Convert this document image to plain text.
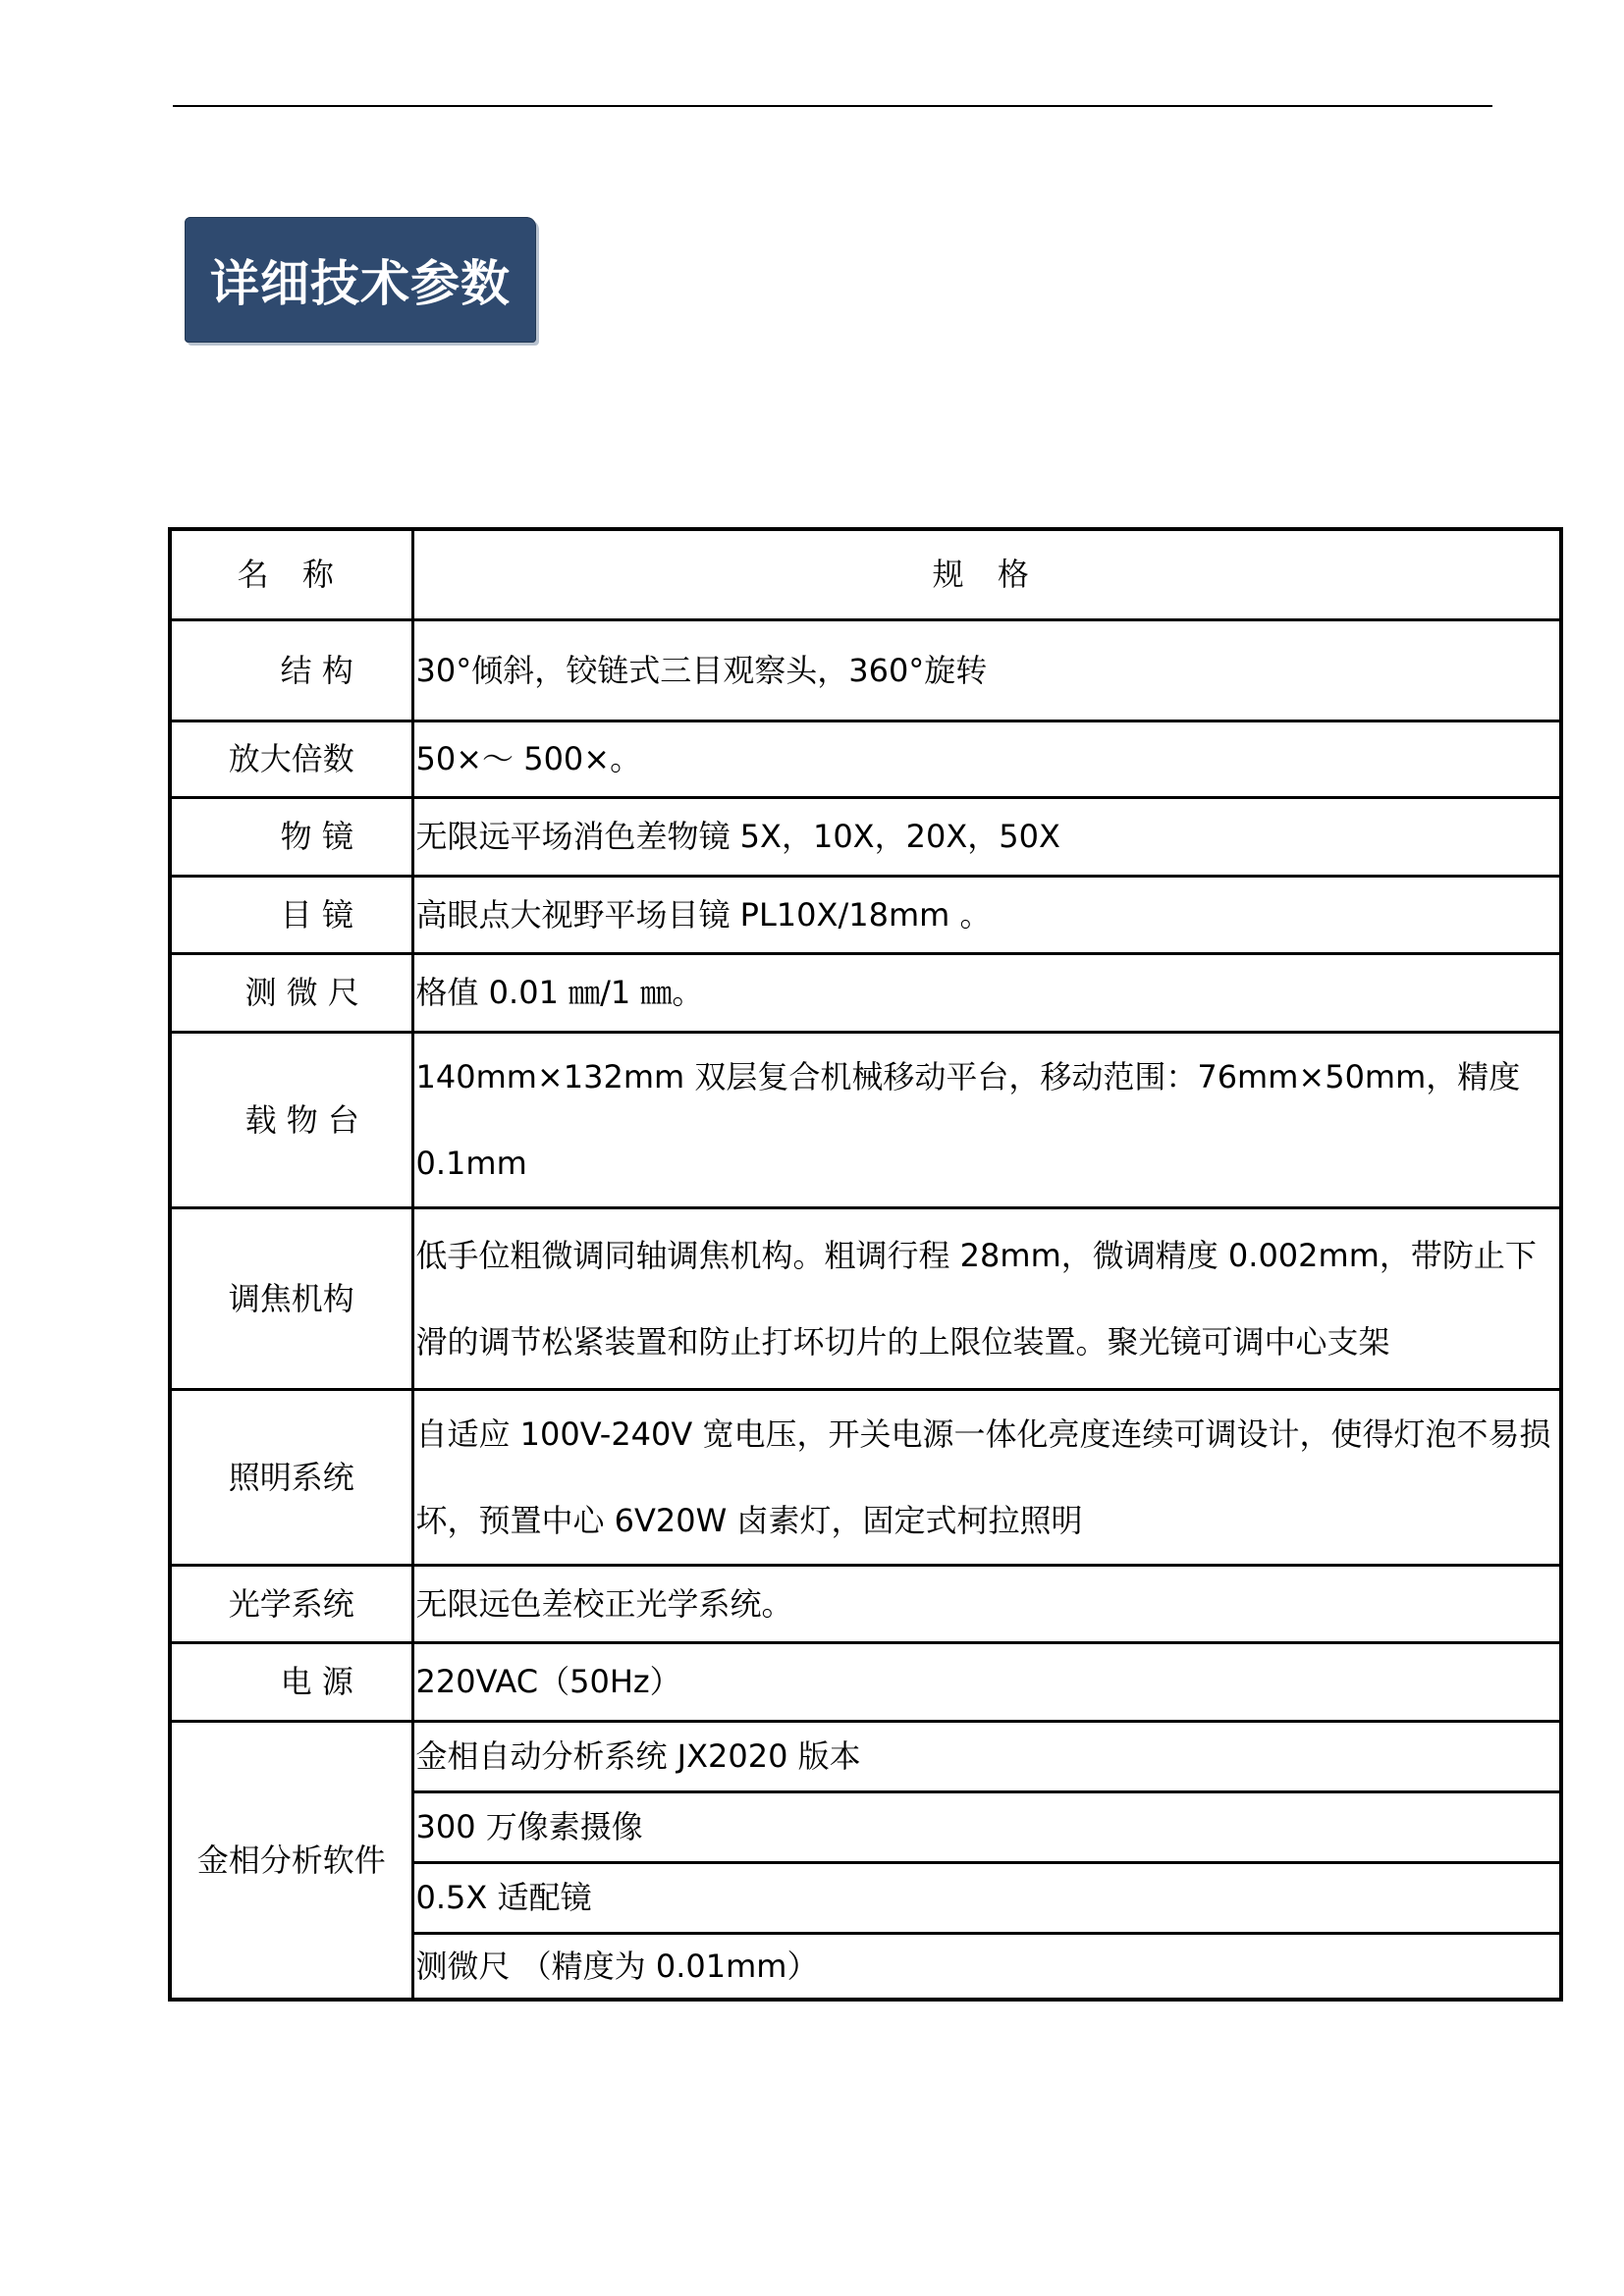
详细技术参数
名 称	规 格
结 构	30°倾斜，铰链式三目观察头，360°旋转
放大倍数	50×～ 500×。
物 镜	无限远平场消色差物镜 5X，10X，20X，50X
目 镜	高眼点大视野平场目镜 PL10X/18mm 。
测 微 尺	格值 0.01 ㎜/1 ㎜。
载 物 台	140mm×132mm 双层复合机械移动平台，移动范围：76mm×50mm，精度0.1mm
调焦机构	低手位粗微调同轴调焦机构。粗调行程 28mm，微调精度 0.002mm，带防止下滑的调节松紧装置和防止打坏切片的上限位装置。聚光镜可调中心支架
照明系统	自适应 100V-240V 宽电压，开关电源一体化亮度连续可调设计，使得灯泡不易损坏，预置中心 6V20W 卤素灯，固定式柯拉照明
光学系统	无限远色差校正光学系统。
电 源	220VAC（50Hz）
金相分析软件	金相自动分析系统 JX2020 版本
	300 万像素摄像
	0.5X 适配镜
	测微尺 （精度为 0.01mm）
